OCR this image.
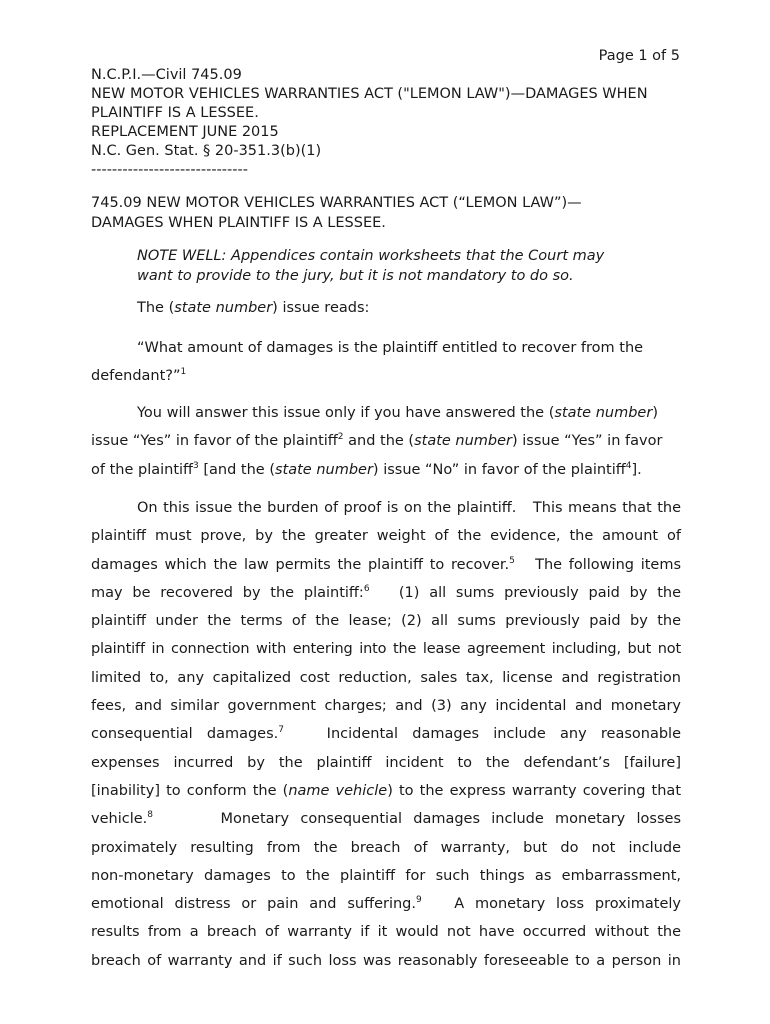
Page 1 of 5
N.C.P.I.—Civil 745.09
NEW MOTOR VEHICLES WARRANTIES ACT ("LEMON LAW")—DAMAGES WHEN
PLAINTIFF IS A LESSEE.
REPLACEMENT JUNE 2015
N.C. Gen. Stat. § 20-351.3(b)(1)
------------------------------
745.09 NEW MOTOR VEHICLES WARRANTIES ACT (“LEMON LAW”)—
DAMAGES WHEN PLAINTIFF IS A LESSEE.
NOTE WELL: Appendices contain worksheets that the Court may
want to provide to the jury, but it is not mandatory to do so.
The (state number) issue reads:
“What amount of damages is the plaintiff entitled to recover from the
defendant?”$^1$
You will answer this issue only if you have answered the (state number)
issue “Yes” in favor of the plaintiff$^2$ and the (state number) issue “Yes” in favor
of the plaintiff$^3$ [and the (state number) issue “No” in favor of the plaintiff$^4$].
On this issue the burden of proof is on the plaintiff.   This means that the
plaintiff must prove, by the greater weight of the evidence, the amount of
damages which the law permits the plaintiff to recover.$^5$   The following items
may be recovered by the plaintiff:$^6$   (1) all sums previously paid by the
plaintiff under the terms of the lease; (2) all sums previously paid by the
plaintiff in connection with entering into the lease agreement including, but not
limited to, any capitalized cost reduction, sales tax, license and registration
fees, and similar government charges; and (3) any incidental and monetary
consequential damages.$^7$   Incidental damages include any reasonable
expenses incurred by the plaintiff incident to the defendant’s [failure]
[inability] to conform the (name vehicle) to the express warranty covering that
vehicle.$^8$      Monetary consequential damages include monetary losses
proximately resulting from the breach of warranty, but do not include
non-monetary damages to the plaintiff for such things as embarrassment,
emotional distress or pain and suffering.$^9$   A monetary loss proximately
results from a breach of warranty if it would not have occurred without the
breach of warranty and if such loss was reasonably foreseeable to a person in
